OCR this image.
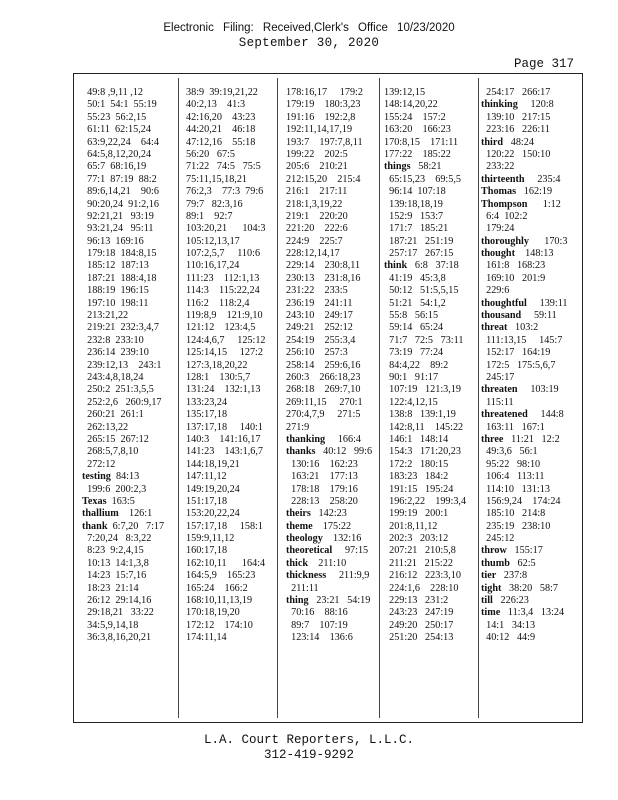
Electronic Filing: Received,Clerk's Office 10/23/2020
September 30, 2020
Page 317
49:8 ,9,11 ,12
50:1  54:1  55:19
55:23  56:2,15
61:11  62:15,24
63:9,22,24    64:4
64:5,8,12,20,24
65:7  68:16,19
77:1  87:19  88:2
89:6,14,21    90:6
90:20,24  91:2,16
92:21,21   93:19
93:21,24   95:11
96:13  169:16
179:18  184:8,15
185:12  187:13
187:21  188:4,18
188:19  196:15
197:10  198:11
213:21,22
219:21  232:3,4,7
232:8  233:10
236:14  239:10
239:12,13    243:1
243:4,8,18,24
250:2  251:3,5,5
252:2,6   260:9,17
260:21  261:1
262:13,22
265:15  267:12
268:5,7,8,10
272:12
testing  84:13
199:6  200:2,3
Texas  163:5
thallium    126:1
thank  6:7,20   7:17
7:20,24   8:3,22
8:23  9:2,4,15
10:13  14:1,3,8
14:23  15:7,16
18:23  21:14
26:12  29:14,16
29:18,21   33:22
34:5,9,14,18
36:3,8,16,20,21
38:9  39:19,21,22
40:2,13    41:3
42:16,20    43:23
44:20,21    46:18
47:12,16    55:18
56:20   67:5
71:22   74:5   75:5
75:11,15,18,21
76:2,3    77:3  79:6
79:7   82:3,16
89:1    92:7
103:20,21      104:3
105:12,13,17
107:2,5,7     110:6
110:16,17,24
111:23    112:1,13
114:3    115:22,24
116:2    118:2,4
119:8,9    121:9,10
121:12    123:4,5
124:4,6,7     125:12
125:14,15     127:2
127:3,18,20,22
128:1    130:5,7
131:24    132:1,13
133:23,24
135:17,18
137:17,18     140:1
140:3    141:16,17
141:23    143:1,6,7
144:18,19,21
147:11,12
149:19,20,24
151:17,18
153:20,22,24
157:17,18     158:1
159:9,11,12
160:17,18
162:10,11      164:4
164:5,9    165:23
165:24    166:2
168:10,11,13,19
170:18,19,20
172:12    174:10
174:11,14
178:16,17     179:2
179:19    180:3,23
191:16    192:2,8
192:11,14,17,19
193:7    197:7,8,11
199:22    202:5
205:6    210:21
212:15,20    215:4
216:1    217:11
218:1,3,19,22
219:1    220:20
221:20    222:6
224:9    225:7
228:12,14,17
229:14    230:8,11
230:13    231:8,16
231:22    233:5
236:19    241:11
243:10    249:17
249:21    252:12
254:19    255:3,4
256:10    257:3
258:14    259:6,16
260:3    266:18,23
268:18    269:7,10
269:11,15     270:1
270:4,7,9     271:5
271:9
thanking     166:4
thanks   40:12   99:6
130:16    162:23
163:21    177:13
178:18    179:16
228:13    258:20
theirs   142:23
theme    175:22
theology    132:16
theoretical     97:15
thick    211:10
thickness     211:9,9
211:11
thing   23:21   54:19
70:16    88:16
89:7    107:19
123:14    136:6
139:12,15
148:14,20,22
155:24    157:2
163:20    166:23
170:8,15    171:11
177:22    185:22
things   58:21
65:15,23    69:5,5
96:14  107:18
139:18,18,19
152:9   153:7
171:7   185:21
187:21   251:19
257:17   267:15
think   6:8   37:18
41:19   45:3,8
50:12   51:5,5,15
51:21   54:1,2
55:8   56:15
59:14   65:24
71:7   72:5   73:11
73:19   77:24
84:4,22    89:2
90:1   91:17
107:19   121:3,19
122:4,12,15
138:8   139:1,19
142:8,11    145:22
146:1   148:14
154:3   171:20,23
172:2   180:15
183:23   184:2
191:15   195:24
196:2,22    199:3,4
199:19   200:1
201:8,11,12
202:3   203:12
207:21   210:5,8
211:21   215:22
216:12   223:3,10
224:1,6    228:10
229:13   231:2
243:23   247:19
249:20   250:17
251:20   254:13
254:17   266:17
thinking     120:8
139:10   217:15
223:16   226:11
third   48:24
120:22   150:10
233:22
thirteenth     235:4
Thomas   162:19
Thompson      1:12
6:4  102:2
179:24
thoroughly      170:3
thought    148:13
161:8   168:23
169:10   201:9
229:6
thoughtful     139:11
thousand     59:11
threat   103:2
111:13,15     145:7
152:17   164:19
172:5   175:5,6,7
245:17
threaten     103:19
115:11
threatened     144:8
163:11   167:1
three   11:21   12:2
49:3,6   56:1
95:22   98:10
106:4   113:11
114:10   131:13
156:9,24    174:24
185:10   214:8
235:19   238:10
245:12
throw   155:17
thumb   62:5
tier   237:8
tight   38:20   58:7
till   226:23
time   11:3,4   13:24
14:1   34:13
40:12   44:9
L.A. Court Reporters, L.L.C.
312-419-9292
